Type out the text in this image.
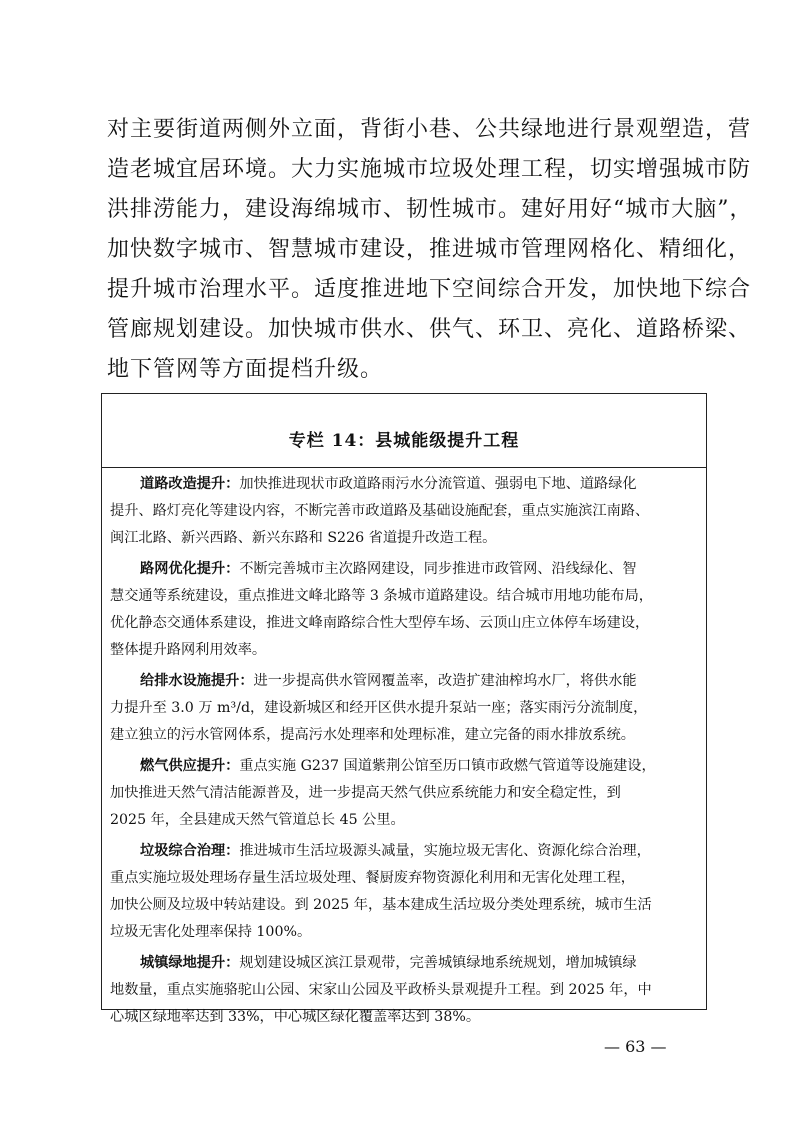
对主要街道两侧外立面，背街小巷、公共绿地进行景观塑造，营
造老城宜居环境。大力实施城市垃圾处理工程，切实增强城市防
洪排涝能力，建设海绵城市、韧性城市。建好用好“城市大脑”，
加快数字城市、智慧城市建设，推进城市管理网格化、精细化，
提升城市治理水平。适度推进地下空间综合开发，加快地下综合
管廊规划建设。加快城市供水、供气、环卫、亮化、道路桥梁、
地下管网等方面提档升级。
专栏 14：县城能级提升工程
道路改造提升：加快推进现状市政道路雨污水分流管道、强弱电下地、道路绿化
提升、路灯亮化等建设内容，不断完善市政道路及基础设施配套，重点实施滨江南路、
闽江北路、新兴西路、新兴东路和 S226 省道提升改造工程。
路网优化提升：不断完善城市主次路网建设，同步推进市政管网、沿线绿化、智
慧交通等系统建设，重点推进文峰北路等 3 条城市道路建设。结合城市用地功能布局，
优化静态交通体系建设，推进文峰南路综合性大型停车场、云顶山庄立体停车场建设，
整体提升路网利用效率。
给排水设施提升：进一步提高供水管网覆盖率，改造扩建油榨坞水厂，将供水能
力提升至 3.0 万 m³/d，建设新城区和经开区供水提升泵站一座；落实雨污分流制度，
建立独立的污水管网体系，提高污水处理率和处理标准，建立完备的雨水排放系统。
燃气供应提升：重点实施 G237 国道紫荆公馆至历口镇市政燃气管道等设施建设，
加快推进天然气清洁能源普及，进一步提高天然气供应系统能力和安全稳定性，到
2025 年，全县建成天然气管道总长 45 公里。
垃圾综合治理：推进城市生活垃圾源头减量，实施垃圾无害化、资源化综合治理，
重点实施垃圾处理场存量生活垃圾处理、餐厨废弃物资源化利用和无害化处理工程，
加快公厕及垃圾中转站建设。到 2025 年，基本建成生活垃圾分类处理系统，城市生活
垃圾无害化处理率保持 100%。
城镇绿地提升：规划建设城区滨江景观带，完善城镇绿地系统规划，增加城镇绿
地数量，重点实施骆驼山公园、宋家山公园及平政桥头景观提升工程。到 2025 年，中
心城区绿地率达到 33%，中心城区绿化覆盖率达到 38%。
— 63 —
